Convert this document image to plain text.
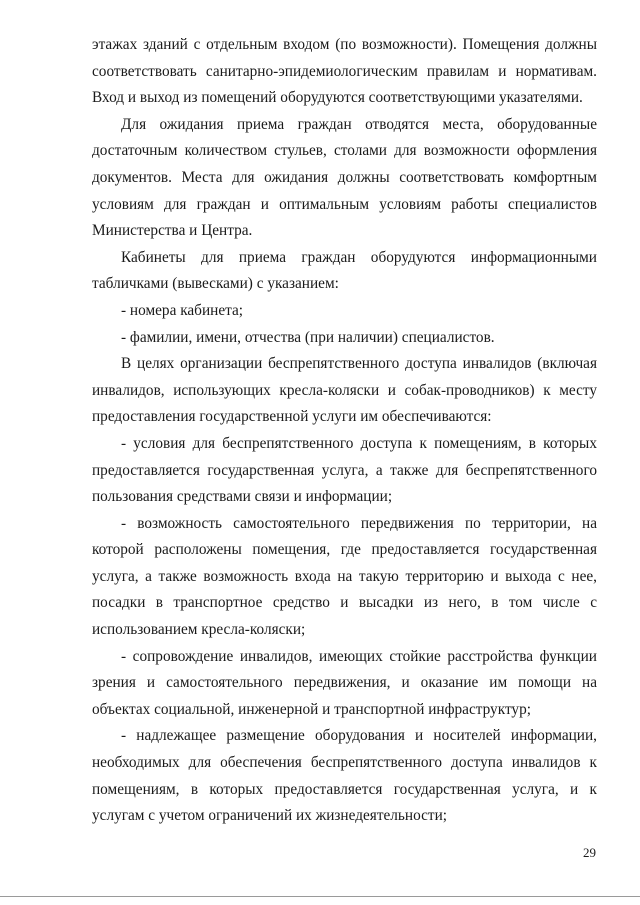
этажах зданий с отдельным входом (по возможности). Помещения должны соответствовать санитарно-эпидемиологическим правилам и нормативам. Вход и выход из помещений оборудуются соответствующими указателями.

Для ожидания приема граждан отводятся места, оборудованные достаточным количеством стульев, столами для возможности оформления документов. Места для ожидания должны соответствовать комфортным условиям для граждан и оптимальным условиям работы специалистов Министерства и Центра.

Кабинеты для приема граждан оборудуются информационными табличками (вывесками) с указанием:

- номера кабинета;

- фамилии, имени, отчества (при наличии) специалистов.

В целях организации беспрепятственного доступа инвалидов (включая инвалидов, использующих кресла-коляски и собак-проводников) к месту предоставления государственной услуги им обеспечиваются:

- условия для беспрепятственного доступа к помещениям, в которых предоставляется государственная услуга, а также для беспрепятственного пользования средствами связи и информации;

- возможность самостоятельного передвижения по территории, на которой расположены помещения, где предоставляется государственная услуга, а также возможность входа на такую территорию и выхода с нее, посадки в транспортное средство и высадки из него, в том числе с использованием кресла-коляски;

- сопровождение инвалидов, имеющих стойкие расстройства функции зрения и самостоятельного передвижения, и оказание им помощи на объектах социальной, инженерной и транспортной инфраструктур;

- надлежащее размещение оборудования и носителей информации, необходимых для обеспечения беспрепятственного доступа инвалидов к помещениям, в которых предоставляется государственная услуга, и к услугам с учетом ограничений их жизнедеятельности;

29
